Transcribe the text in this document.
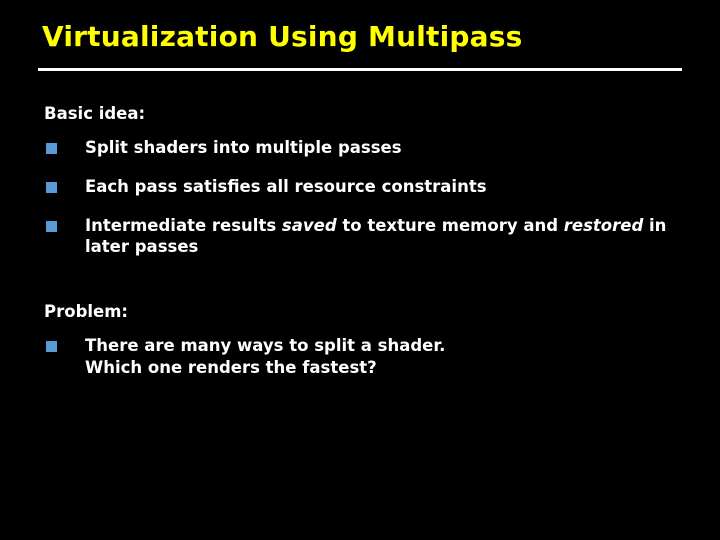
Virtualization Using Multipass

Basic idea:

Split shaders into multiple passes
Each pass satisfies all resource constraints
Intermediate results saved to texture memory and restored in later passes

Problem:

There are many ways to split a shader.
Which one renders the fastest?
